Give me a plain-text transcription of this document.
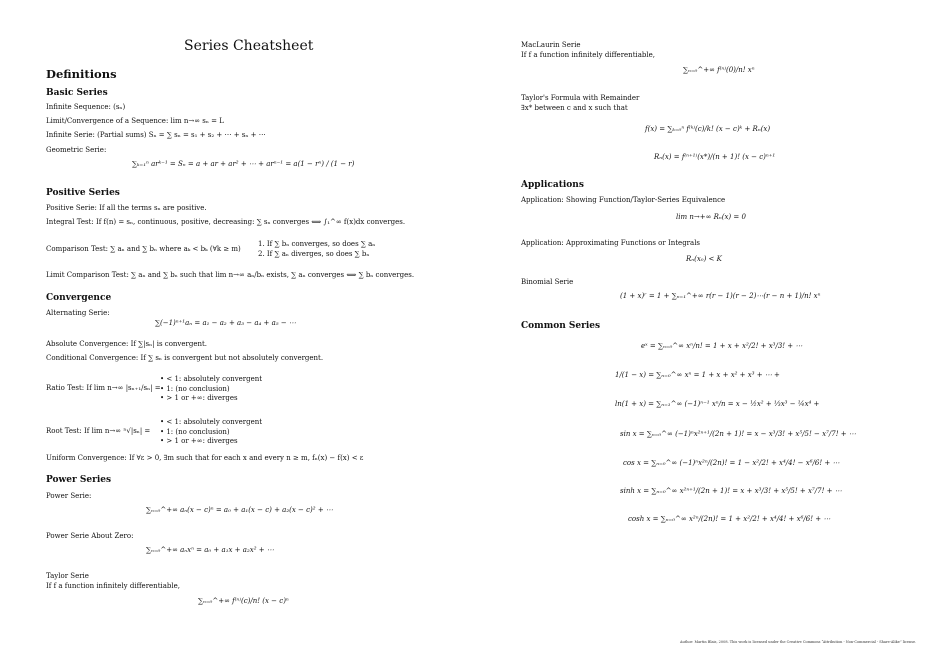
Series Cheatsheet
Definitions
Basic Series
Infinite Sequence: (sₙ)
Limit/Convergence of a Sequence: lim n→∞ sₙ = L
Infinite Serie: (Partial sums) Sₙ = ∑ sₙ = s₁ + s₂ + ⋯ + sₙ + ⋯
Geometric Serie:
∑ₖ₌₁ⁿ arᵏ⁻¹ = Sₙ = a + ar + ar² + ⋯ + arⁿ⁻¹ = a(1 − rⁿ) / (1 − r)
Positive Series
Positive Serie: If all the terms sₙ are positive.
Integral Test: If f(n) = sₙ, continuous, positive, decreasing: ∑ sₙ converges ⟺ ∫₁^∞ f(x)dx converges.
Comparison Test: ∑ aₙ and ∑ bₙ where aₖ < bₖ (∀k ≥ m)
1. If ∑ bₙ converges, so does ∑ aₙ
2. If ∑ aₙ diverges, so does ∑ bₙ
Limit Comparison Test: ∑ aₙ and ∑ bₙ such that lim n→∞ aₙ/bₙ exists, ∑ aₙ converges ⟺ ∑ bₙ converges.
Convergence
Alternating Serie:
∑(−1)ⁿ⁺¹aₙ = a₁ − a₂ + a₃ − a₄ + a₅ − ⋯
Absolute Convergence: If ∑|sₙ| is convergent.
Conditional Convergence: If ∑ sₙ is convergent but not absolutely convergent.
Ratio Test: If lim n→∞ |sₙ₊₁/sₙ| =
• < 1: absolutely convergent
• 1: (no conclusion)
• > 1 or +∞: diverges
Root Test: If lim n→∞ ⁿ√|sₙ| =
• < 1: absolutely convergent
• 1: (no conclusion)
• > 1 or +∞: diverges
Uniform Convergence: If ∀ε > 0, ∃m such that for each x and every n ≥ m, fₙ(x) − f(x) < ε
Power Series
Power Serie:
∑ₙ₌₀^+∞ aₙ(x − c)ⁿ = a₀ + a₁(x − c) + a₂(x − c)² + ⋯
Power Serie About Zero:
∑ₙ₌₀^+∞ aₙxⁿ = a₀ + a₁x + a₂x² + ⋯
Taylor Serie
If f a function infinitely differentiable,
∑ₙ₌₀^+∞ f⁽ⁿ⁾(c)/n! (x − c)ⁿ
MacLaurin Serie
If f a function infinitely differentiable,
∑ₙ₌₀^+∞ f⁽ⁿ⁾(0)/n! xⁿ
Taylor's Formula with Remainder
∃x* between c and x such that
f(x) = ∑ₖ₌₀ⁿ f⁽ᵏ⁾(c)/k! (x − c)ᵏ + Rₙ(x)
Rₙ(x) = f⁽ⁿ⁺¹⁾(x*)/(n + 1)! (x − c)ⁿ⁺¹
Applications
Application: Showing Function/Taylor-Series Equivalence
lim n→+∞ Rₙ(x) = 0
Application: Approximating Functions or Integrals
Rₙ(x₀) < K
Binomial Serie
(1 + x)ʳ = 1 + ∑ₙ₌₁^+∞ r(r − 1)(r − 2)⋯(r − n + 1)/n! xⁿ
Common Series
eˣ = ∑ₙ₌₀^∞ xⁿ/n! = 1 + x + x²/2! + x³/3! + ⋯
1/(1 − x) = ∑ₙ₌₀^∞ xⁿ = 1 + x + x² + x³ + ⋯ +
ln(1 + x) = ∑ₙ₌₁^∞ (−1)ⁿ⁻¹ xⁿ/n = x − ½x² + ⅓x³ − ¼x⁴ +
sin x = ∑ₙ₌₀^∞ (−1)ⁿx²ⁿ⁺¹/(2n + 1)! = x − x³/3! + x⁵/5! − x⁷/7! + ⋯
cos x = ∑ₙ₌₀^∞ (−1)ⁿx²ⁿ/(2n)! = 1 − x²/2! + x⁴/4! − x⁶/6! + ⋯
sinh x = ∑ₙ₌₀^∞ x²ⁿ⁺¹/(2n + 1)! = x + x³/3! + x⁵/5! + x⁷/7! + ⋯
cosh x = ∑ₙ₌₀^∞ x²ⁿ/(2n)! = 1 + x²/2! + x⁴/4! + x⁶/6! + ⋯
Author: Martin Blais, 2008. This work is licensed under the Creative Commons “Attribution - Non-Commercial - Share-Alike” license.
